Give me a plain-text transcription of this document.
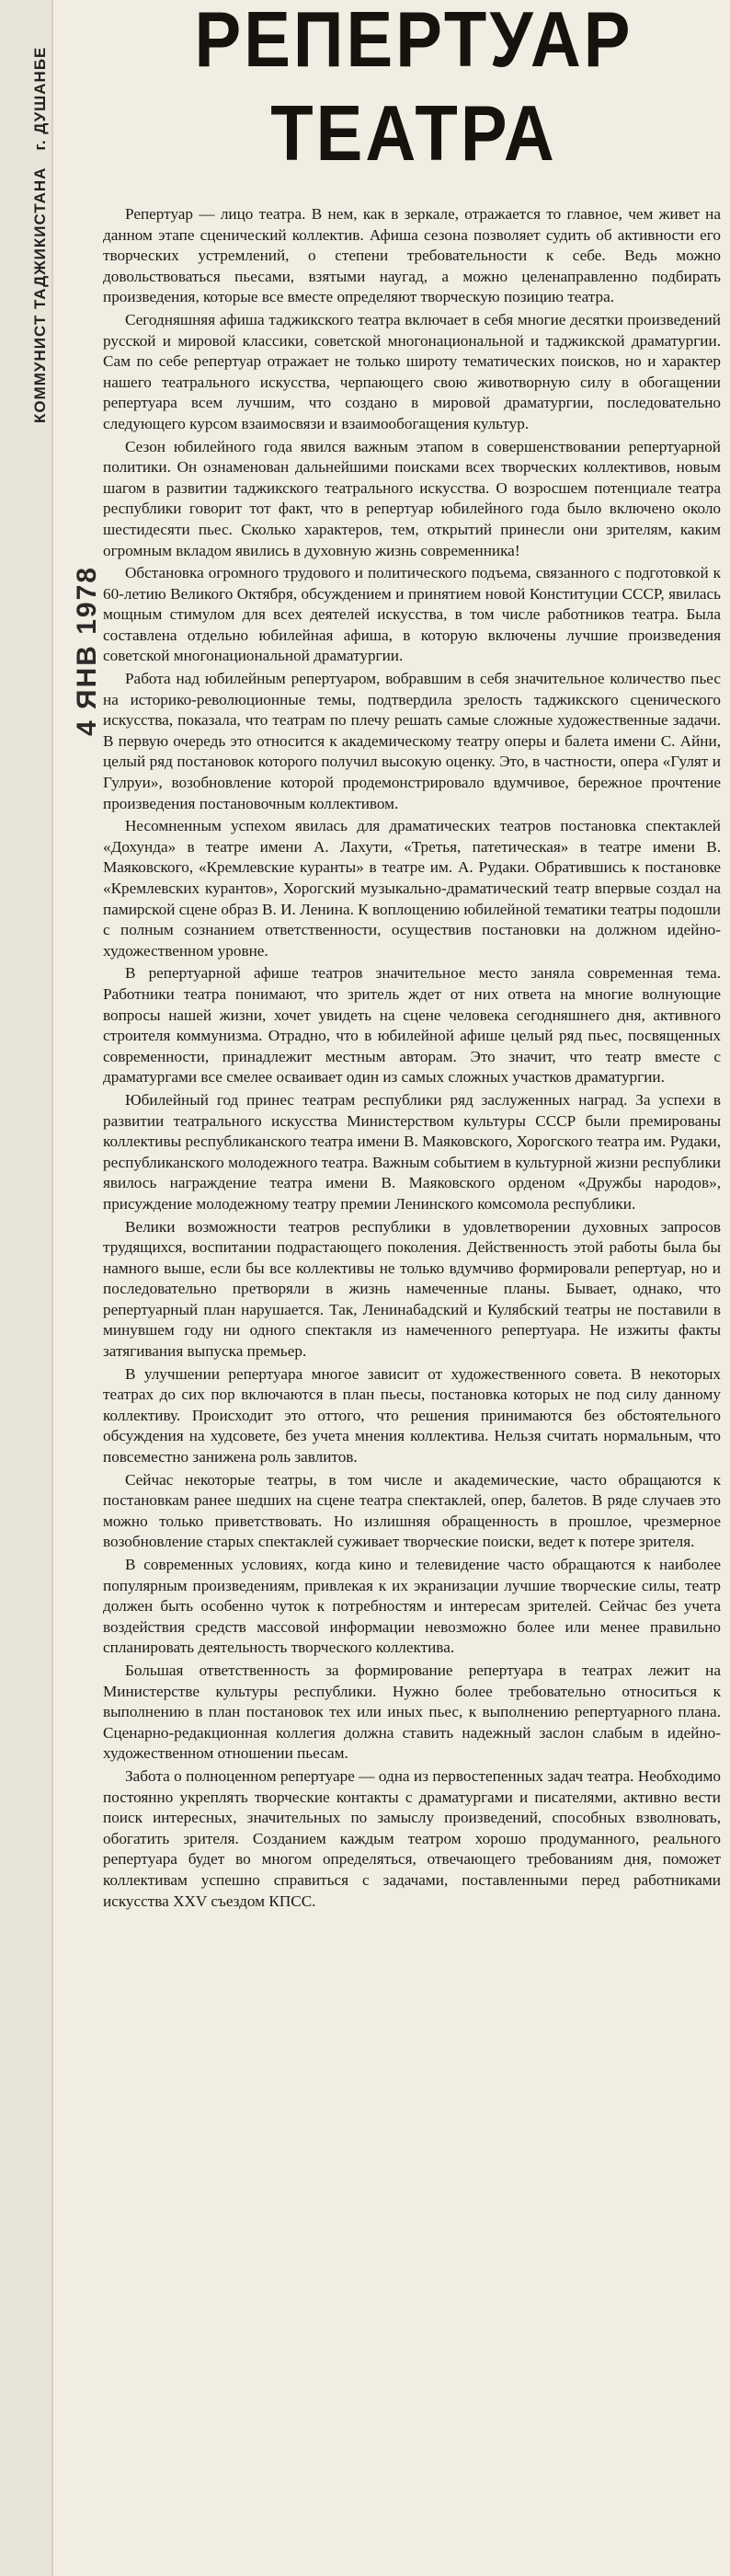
КОММУНИСТ ТАДЖИКИСТАНАг. ДУШАНБЕ
4 ЯНВ 1978
РЕПЕРТУАР
ТЕАТРА

Репертуар — лицо театра. В нем, как в зеркале, отражается то главное, чем живет на данном этапе сценический коллектив. Афиша сезона позволяет судить об активности его творческих устремлений, о степени требовательности к себе. Ведь можно довольствоваться пьесами, взятыми наугад, а можно целенаправленно подбирать произведения, которые все вместе определяют творческую позицию театра.

Сегодняшняя афиша таджикского театра включает в себя многие десятки произведений русской и мировой классики, советской многонациональной и таджикской драматургии. Сам по себе репертуар отражает не только широту тематических поисков, но и характер нашего театрального искусства, черпающего свою животворную силу в обогащении репертуара всем лучшим, что создано в мировой драматургии, последовательно следующего курсом взаимосвязи и взаимообогащения культур.

Сезон юбилейного года явился важным этапом в совершенствовании репертуарной политики. Он ознаменован дальнейшими поисками всех творческих коллективов, новым шагом в развитии таджикского театрального искусства. О возросшем потенциале театра республики говорит тот факт, что в репертуар юбилейного года было включено около шестидесяти пьес. Сколько характеров, тем, открытий принесли они зрителям, каким огромным вкладом явились в духовную жизнь современника!

Обстановка огромного трудового и политического подъема, связанного с подготовкой к 60-летию Великого Октября, обсуждением и принятием новой Конституции СССР, явилась мощным стимулом для всех деятелей искусства, в том числе работников театра. Была составлена отдельно юбилейная афиша, в которую включены лучшие произведения советской многонациональной драматургии.

Работа над юбилейным репертуаром, вобравшим в себя значительное количество пьес на историко-революционные темы, подтвердила зрелость таджикского сценического искусства, показала, что театрам по плечу решать самые сложные художественные задачи. В первую очередь это относится к академическому театру оперы и балета имени С. Айни, целый ряд постановок которого получил высокую оценку. Это, в частности, опера «Гулят и Гулруи», возобновление которой продемонстрировало вдумчивое, бережное прочтение произведения постановочным коллективом.

Несомненным успехом явилась для драматических театров постановка спектаклей «Дохунда» в театре имени А. Лахути, «Третья, патетическая» в театре имени В. Маяковского, «Кремлевские куранты» в театре им. А. Рудаки. Обратившись к постановке «Кремлевских курантов», Хорогский музыкально-драматический театр впервые создал на памирской сцене образ В. И. Ленина. К воплощению юбилейной тематики театры подошли с полным сознанием ответственности, осуществив постановки на должном идейно-художественном уровне.

В репертуарной афише театров значительное место заняла современная тема. Работники театра понимают, что зритель ждет от них ответа на многие волнующие вопросы нашей жизни, хочет увидеть на сцене человека сегодняшнего дня, активного строителя коммунизма. Отрадно, что в юбилейной афише целый ряд пьес, посвященных современности, принадлежит местным авторам. Это значит, что театр вместе с драматургами все смелее осваивает один из самых сложных участков драматургии.

Юбилейный год принес театрам республики ряд заслуженных наград. За успехи в развитии театрального искусства Министерством культуры СССР были премированы коллективы республиканского театра имени В. Маяковского, Хорогского театра им. Рудаки, республиканского молодежного театра. Важным событием в культурной жизни республики явилось награждение театра имени В. Маяковского орденом «Дружбы народов», присуждение молодежному театру премии Ленинского комсомола республики.

Велики возможности театров республики в удовлетворении духовных запросов трудящихся, воспитании подрастающего поколения. Действенность этой работы была бы намного выше, если бы все коллективы не только вдумчиво формировали репертуар, но и последовательно претворяли в жизнь намеченные планы. Бывает, однако, что репертуарный план нарушается. Так, Ленинабадский и Кулябский театры не поставили в минувшем году ни одного спектакля из намеченного репертуара. Не изжиты факты затягивания выпуска премьер.

В улучшении репертуара многое зависит от художественного совета. В некоторых театрах до сих пор включаются в план пьесы, постановка которых не под силу данному коллективу. Происходит это оттого, что решения принимаются без обстоятельного обсуждения на худсовете, без учета мнения коллектива. Нельзя считать нормальным, что повсеместно занижена роль завлитов.

Сейчас некоторые театры, в том числе и академические, часто обращаются к постановкам ранее шедших на сцене театра спектаклей, опер, балетов. В ряде случаев это можно только приветствовать. Но излишняя обращенность в прошлое, чрезмерное возобновление старых спектаклей суживает творческие поиски, ведет к потере зрителя.

В современных условиях, когда кино и телевидение часто обращаются к наиболее популярным произведениям, привлекая к их экранизации лучшие творческие силы, театр должен быть особенно чуток к потребностям и интересам зрителей. Сейчас без учета воздействия средств массовой информации невозможно более или менее правильно спланировать деятельность творческого коллектива.

Большая ответственность за формирование репертуара в театрах лежит на Министерстве культуры республики. Нужно более требовательно относиться к выполнению в план постановок тех или иных пьес, к выполнению репертуарного плана. Сценарно-редакционная коллегия должна ставить надежный заслон слабым в идейно-художественном отношении пьесам.

Забота о полноценном репертуаре — одна из первостепенных задач театра. Необходимо постоянно укреплять творческие контакты с драматургами и писателями, активно вести поиск интересных, значительных по замыслу произведений, способных взволновать, обогатить зрителя. Созданием каждым театром хорошо продуманного, реального репертуара будет во многом определяться, отвечающего требованиям дня, поможет коллективам успешно справиться с задачами, поставленными перед работниками искусства XXV съездом КПСС.
